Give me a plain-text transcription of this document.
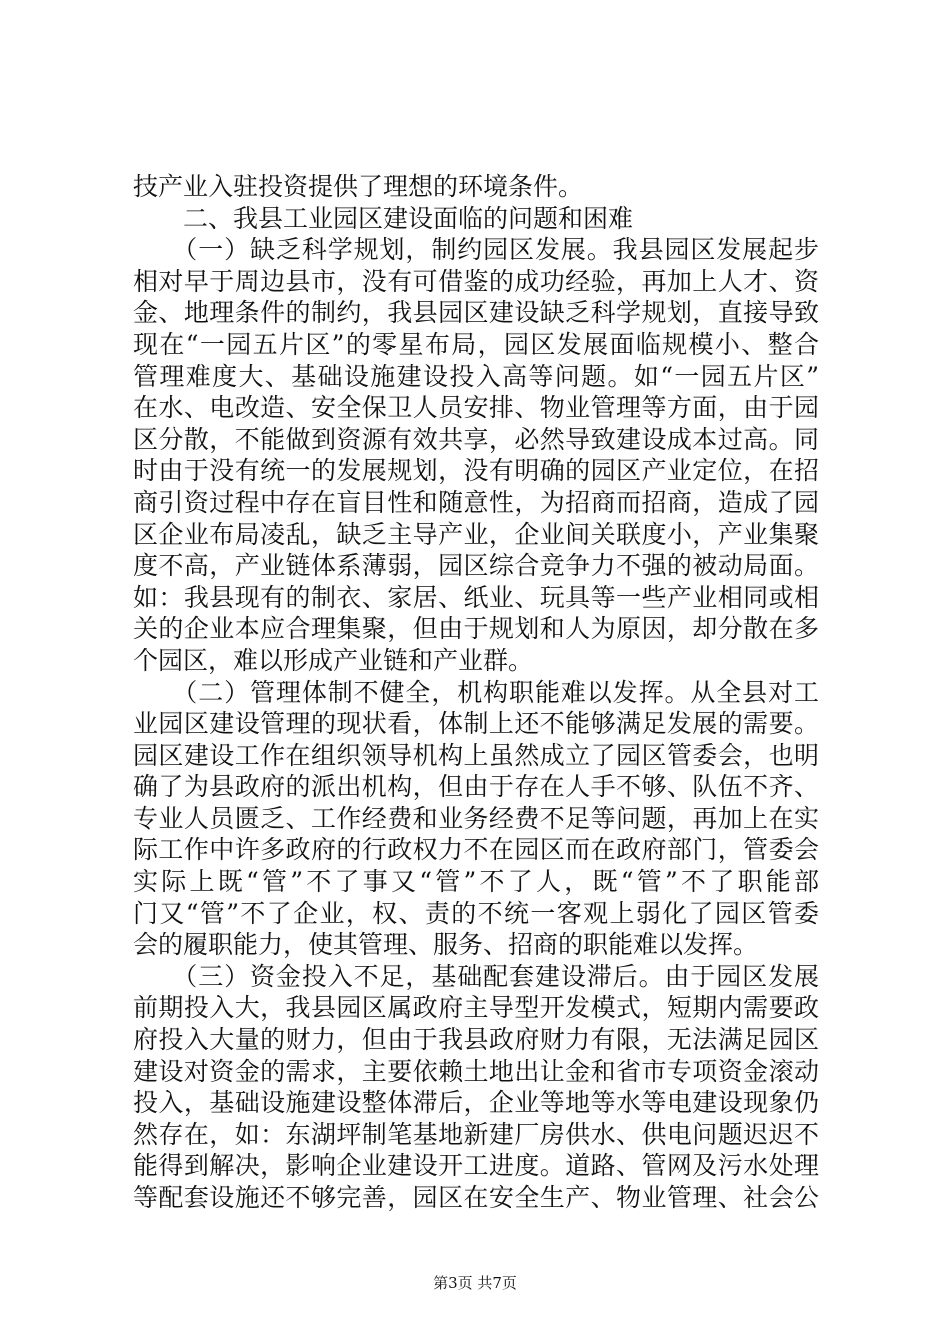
技产业入驻投资提供了理想的环境条件。
　　二、我县工业园区建设面临的问题和困难
　　（一）缺乏科学规划，制约园区发展。我县园区发展起步
相对早于周边县市，没有可借鉴的成功经验，再加上人才、资
金、地理条件的制约，我县园区建设缺乏科学规划，直接导致
现在“一园五片区”的零星布局，园区发展面临规模小、整合
管理难度大、基础设施建设投入高等问题。如“一园五片区”
在水、电改造、安全保卫人员安排、物业管理等方面，由于园
区分散，不能做到资源有效共享，必然导致建设成本过高。同
时由于没有统一的发展规划，没有明确的园区产业定位，在招
商引资过程中存在盲目性和随意性，为招商而招商，造成了园
区企业布局凌乱，缺乏主导产业，企业间关联度小，产业集聚
度不高，产业链体系薄弱，园区综合竞争力不强的被动局面。
如：我县现有的制衣、家居、纸业、玩具等一些产业相同或相
关的企业本应合理集聚，但由于规划和人为原因，却分散在多
个园区，难以形成产业链和产业群。
　　（二）管理体制不健全，机构职能难以发挥。从全县对工
业园区建设管理的现状看，体制上还不能够满足发展的需要。
园区建设工作在组织领导机构上虽然成立了园区管委会，也明
确了为县政府的派出机构，但由于存在人手不够、队伍不齐、
专业人员匮乏、工作经费和业务经费不足等问题，再加上在实
际工作中许多政府的行政权力不在园区而在政府部门，管委会
实际上既“管”不了事又“管”不了人，既“管”不了职能部
门又“管”不了企业，权、责的不统一客观上弱化了园区管委
会的履职能力，使其管理、服务、招商的职能难以发挥。
　　（三）资金投入不足，基础配套建设滞后。由于园区发展
前期投入大，我县园区属政府主导型开发模式，短期内需要政
府投入大量的财力，但由于我县政府财力有限，无法满足园区
建设对资金的需求，主要依赖土地出让金和省市专项资金滚动
投入，基础设施建设整体滞后，企业等地等水等电建设现象仍
然存在，如：东湖坪制笔基地新建厂房供水、供电问题迟迟不
能得到解决，影响企业建设开工进度。道路、管网及污水处理
等配套设施还不够完善，园区在安全生产、物业管理、社会公
第3页 共7页
